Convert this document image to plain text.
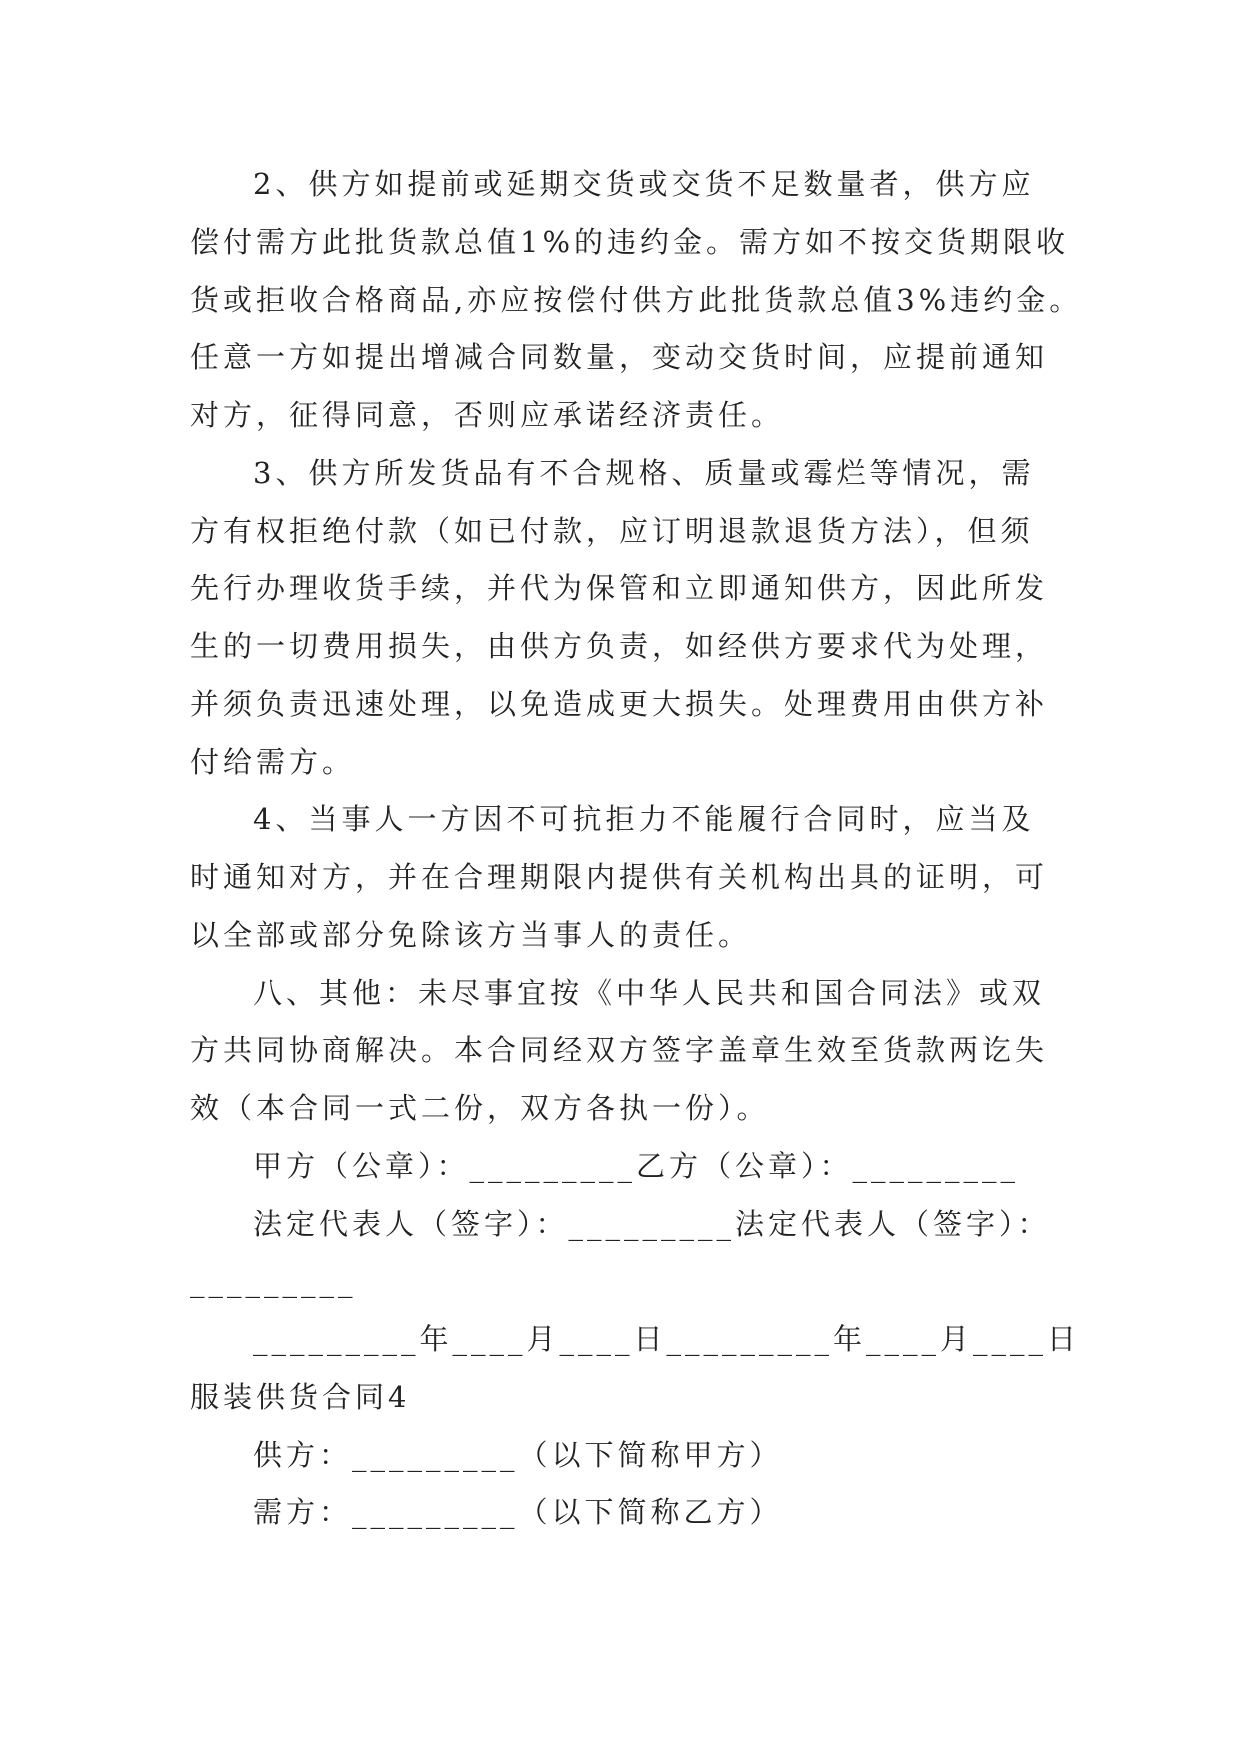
2、供方如提前或延期交货或交货不足数量者，供方应
偿付需方此批货款总值1%的违约金。需方如不按交货期限收
货或拒收合格商品,亦应按偿付供方此批货款总值3%违约金。
任意一方如提出增减合同数量，变动交货时间，应提前通知
对方，征得同意，否则应承诺经济责任。
3、供方所发货品有不合规格、质量或霉烂等情况，需
方有权拒绝付款（如已付款，应订明退款退货方法），但须
先行办理收货手续，并代为保管和立即通知供方，因此所发
生的一切费用损失，由供方负责，如经供方要求代为处理，
并须负责迅速处理，以免造成更大损失。处理费用由供方补
付给需方。
4、当事人一方因不可抗拒力不能履行合同时，应当及
时通知对方，并在合理期限内提供有关机构出具的证明，可
以全部或部分免除该方当事人的责任。
八、其他：未尽事宜按《中华人民共和国合同法》或双
方共同协商解决。本合同经双方签字盖章生效至货款两讫失
效（本合同一式二份，双方各执一份）。
甲方（公章）：_________乙方（公章）：_________
法定代表人（签字）：_________法定代表人（签字）：
_________
_________年____月____日_________年____月____日
服装供货合同4
供方：_________（以下简称甲方）
需方：_________（以下简称乙方）
